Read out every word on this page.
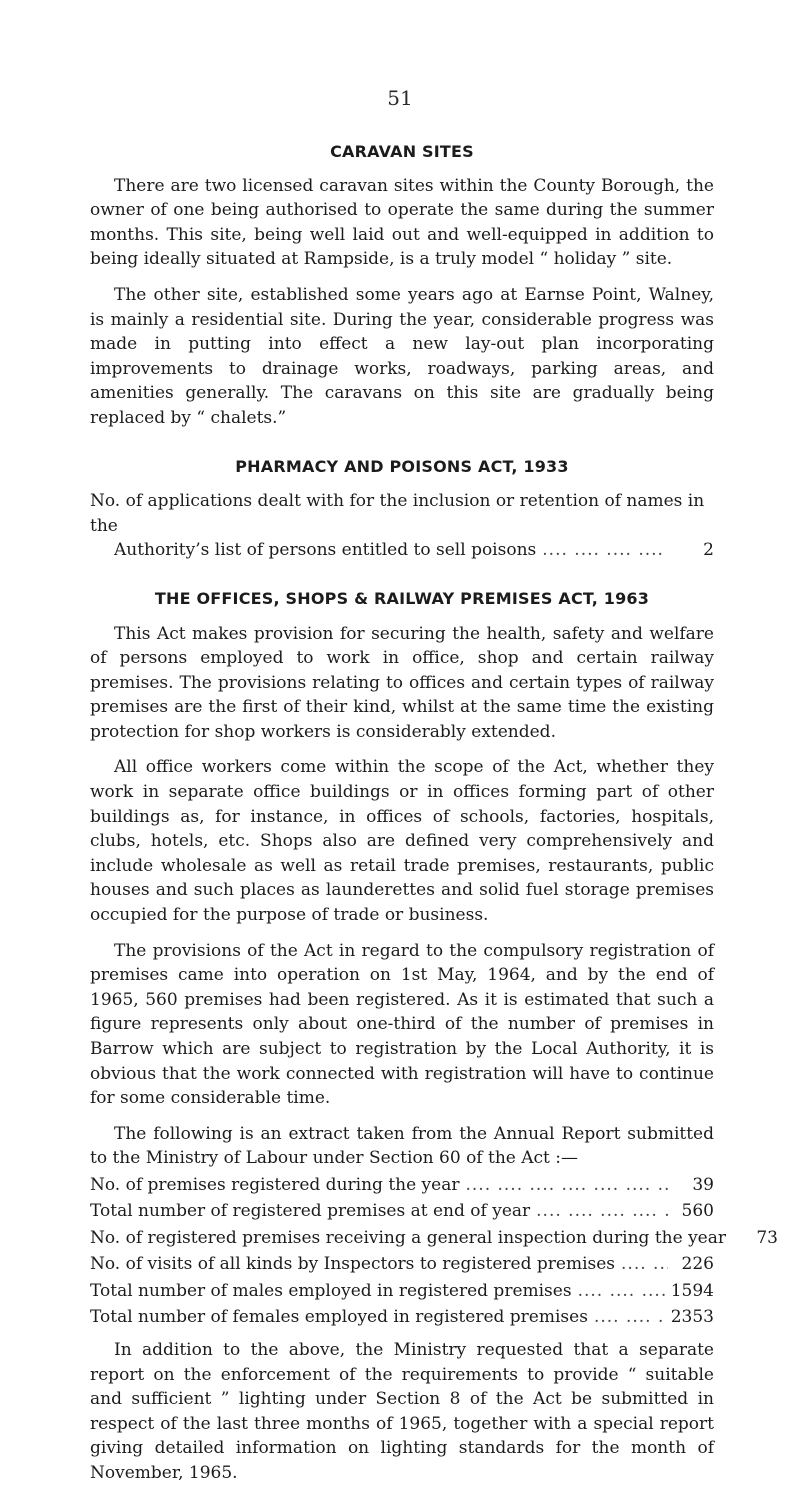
51
CARAVAN SITES

There are two licensed caravan sites within the County Borough, the owner of one being authorised to operate the same during the summer months. This site, being well laid out and well-equipped in addition to being ideally situated at Rampside, is a truly model “ holiday ” site.

The other site, established some years ago at Earnse Point, Walney, is mainly a residential site. During the year, considerable progress was made in putting into effect a new lay-out plan incorporating improvements to drainage works, roadways, parking areas, and amenities generally. The caravans on this site are gradually being replaced by “ chalets.”

PHARMACY AND POISONS ACT, 1933
No. of applications dealt with for the inclusion or retention of names in the
Authority’s list of persons entitled to sell poisons ....	2
THE OFFICES, SHOPS & RAILWAY PREMISES ACT, 1963

This Act makes provision for securing the health, safety and welfare of persons employed to work in office, shop and certain railway premises. The provisions relating to offices and certain types of railway premises are the first of their kind, whilst at the same time the existing protection for shop workers is considerably extended.

All office workers come within the scope of the Act, whether they work in separate office buildings or in offices forming part of other buildings as, for instance, in offices of schools, factories, hospitals, clubs, hotels, etc. Shops also are defined very comprehensively and include wholesale as well as retail trade premises, restaurants, public houses and such places as launderettes and solid fuel storage premises occupied for the purpose of trade or business.

The provisions of the Act in regard to the compulsory registration of premises came into operation on 1st May, 1964, and by the end of 1965, 560 premises had been registered. As it is estimated that such a figure represents only about one-third of the number of premises in Barrow which are subject to registration by the Local Authority, it is obvious that the work connected with registration will have to continue for some considerable time.

The following is an extract taken from the Annual Report submitted to the Ministry of Labour under Section 60 of the Act :—

No. of premises registered during the year ....	39
Total number of registered premises at end of year ....	560
No. of registered premises receiving a general inspection during the year	73
No. of visits of all kinds by Inspectors to registered premises ....	226
Total number of males employed in registered premises ....	1594
Total number of females employed in registered premises ....	2353

In addition to the above, the Ministry requested that a separate report on the enforcement of the requirements to provide “ suitable and sufficient ” lighting under Section 8 of the Act be submitted in respect of the last three months of 1965, together with a special report giving detailed information on lighting standards for the month of November, 1965.
